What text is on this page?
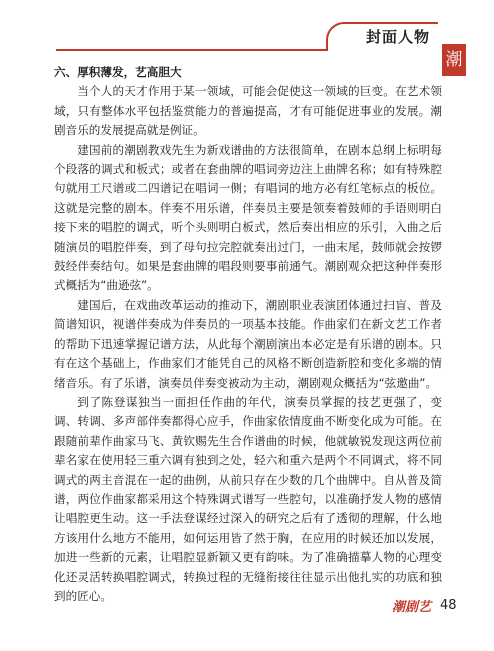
封面人物
潮

六、厚积薄发，艺高胆大

当个人的天才作用于某一领域，可能会促使这一领域的巨变。在艺术领域，只有整体水平包括鉴赏能力的普遍提高，才有可能促进事业的发展。潮剧音乐的发展提高就是例证。

建国前的潮剧教戏先生为新戏谱曲的方法很简单，在剧本总纲上标明每个段落的调式和板式；或者在套曲牌的唱词旁边注上曲牌名称；如有特殊腔句就用工尺谱或二四谱记在唱词一侧；有唱词的地方必有红笔标点的板位。这就是完整的剧本。伴奏不用乐谱，伴奏员主要是领奏着鼓师的手语则明白接下来的唱腔的调式，听个头则明白板式，然后奏出相应的乐引，入曲之后随演员的唱腔伴奏，到了母句拉完腔就奏出过门，一曲末尾，鼓师就会按锣鼓经伴奏结句。如果是套曲牌的唱段则要事前通气。潮剧观众把这种伴奏形式概括为“曲逊弦”。

建国后，在戏曲改革运动的推动下，潮剧职业表演团体通过扫盲、普及简谱知识，视谱伴奏成为伴奏员的一项基本技能。作曲家们在新文艺工作者的帮助下迅速掌握记谱方法，从此每个潮剧演出本必定是有乐谱的剧本。只有在这个基础上，作曲家们才能凭自己的风格不断创造新腔和变化多端的情绪音乐。有了乐谱，演奏员伴奏变被动为主动，潮剧观众概括为“弦邀曲”。

到了陈登谋独当一面担任作曲的年代，演奏员掌握的技艺更强了，变调、转调、多声部伴奏都得心应手，作曲家依情度曲不断变化成为可能。在跟随前辈作曲家马飞、黄钦赐先生合作谱曲的时候，他就敏锐发现这两位前辈名家在使用轻三重六调有独到之处，轻六和重六是两个不同调式，将不同调式的两主音混在一起的曲例，从前只存在少数的几个曲牌中。自从普及简谱，两位作曲家都采用这个特殊调式谱写一些腔句，以准确抒发人物的感情让唱腔更生动。这一手法登谋经过深入的研究之后有了透彻的理解，什么地方该用什么地方不能用，如何运用皆了然于胸，在应用的时候还加以发展，加进一些新的元素，让唱腔显新颖又更有韵味。为了准确描摹人物的心理变化还灵活转换唱腔调式，转换过程的无缝衔接往往显示出他扎实的功底和独到的匠心。

潮剧艺 48
